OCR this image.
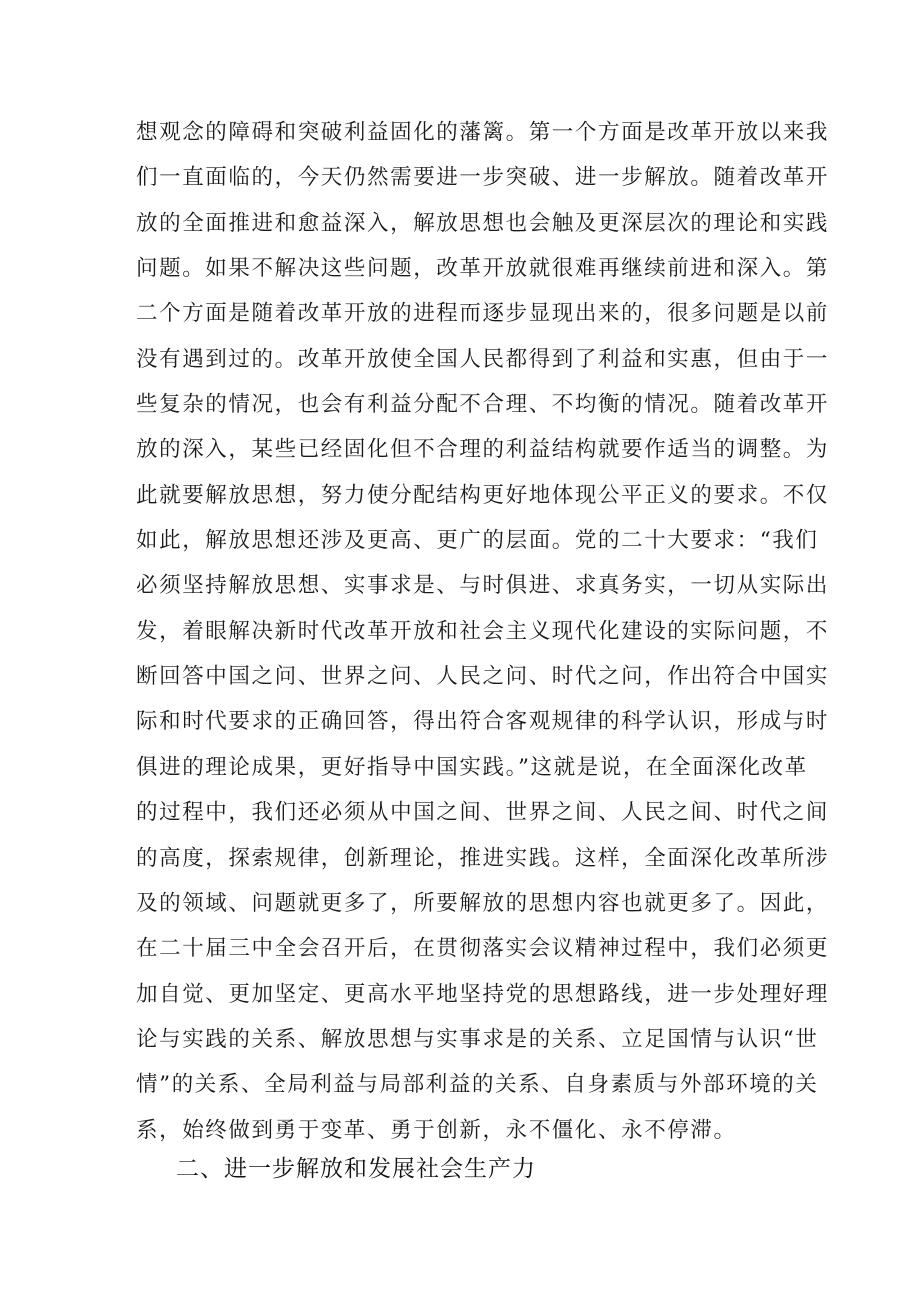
想观念的障碍和突破利益固化的藩篱。第一个方面是改革开放以来我
们一直面临的，今天仍然需要进一步突破、进一步解放。随着改革开
放的全面推进和愈益深入，解放思想也会触及更深层次的理论和实践
问题。如果不解决这些问题，改革开放就很难再继续前进和深入。第
二个方面是随着改革开放的进程而逐步显现出来的，很多问题是以前
没有遇到过的。改革开放使全国人民都得到了利益和实惠，但由于一
些复杂的情况，也会有利益分配不合理、不均衡的情况。随着改革开
放的深入，某些已经固化但不合理的利益结构就要作适当的调整。为
此就要解放思想，努力使分配结构更好地体现公平正义的要求。不仅
如此，解放思想还涉及更高、更广的层面。党的二十大要求：“我们
必须坚持解放思想、实事求是、与时俱进、求真务实，一切从实际出
发，着眼解决新时代改革开放和社会主义现代化建设的实际问题，不
断回答中国之问、世界之问、人民之问、时代之问，作出符合中国实
际和时代要求的正确回答，得出符合客观规律的科学认识，形成与时
俱进的理论成果，更好指导中国实践。”这就是说，在全面深化改革
的过程中，我们还必须从中国之间、世界之间、人民之间、时代之间
的高度，探索规律，创新理论，推进实践。这样，全面深化改革所涉
及的领域、问题就更多了，所要解放的思想内容也就更多了。因此，
在二十届三中全会召开后，在贯彻落实会议精神过程中，我们必须更
加自觉、更加坚定、更高水平地坚持党的思想路线，进一步处理好理
论与实践的关系、解放思想与实事求是的关系、立足国情与认识“世
情”的关系、全局利益与局部利益的关系、自身素质与外部环境的关
系，始终做到勇于变革、勇于创新，永不僵化、永不停滞。

二、进一步解放和发展社会生产力
